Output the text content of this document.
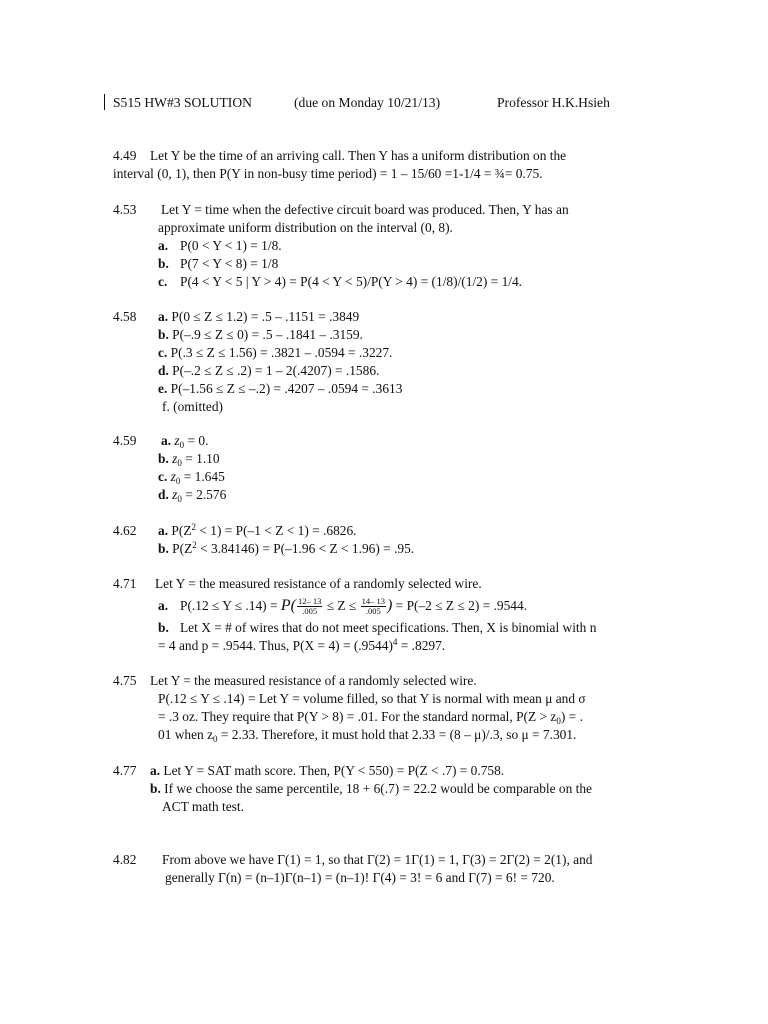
S515 HW#3 SOLUTION	(due on Monday 10/21/13)	Professor H.K.Hsieh
4.49 Let Y be the time of an arriving call. Then Y has a uniform distribution on the
interval (0, 1), then P(Y in non-busy time period) = 1 – 15/60 =1-1/4 = ¾= 0.75.
4.53 Let Y = time when the defective circuit board was produced. Then, Y has an
approximate uniform distribution on the interval (0, 8).
a. P(0 < Y < 1) = 1/8.
b. P(7 < Y < 8) = 1/8
c. P(4 < Y < 5 | Y > 4) = P(4 < Y < 5)/P(Y > 4) = (1/8)/(1/2) = 1/4.
4.58 a. P(0 ≤ Z ≤ 1.2) = .5 – .1151 = .3849
b. P(–.9 ≤ Z ≤ 0) = .5 – .1841 – .3159.
c. P(.3 ≤ Z ≤ 1.56) = .3821 – .0594 = .3227.
d. P(–.2 ≤ Z ≤ .2) = 1 – 2(.4207) = .1586.
e. P(–1.56 ≤ Z ≤ –.2) = .4207 – .0594 = .3613
f. (omitted)
4.59 a. $z_0 = 0$.
b. $z_0 = 1.10$
c. $z_0 = 1.645$
d. $z_0 = 2.576$
4.62 a. $P(Z^2 < 1) = P(-1 < Z < 1) = .6826$.
b. $P(Z^2 < 3.84146) = P(-1.96 < Z < 1.96) = .95$.
4.71 Let Y = the measured resistance of a randomly selected wire.
a. $P(.12 \le Y \le .14) = P( \frac{12- 13}{.005} \le Z \le \frac{14- 13}{.005}$ ) = P(–2 ≤ Z ≤ 2) = .9544.
b. Let X = # of wires that do not meet specifications. Then, X is binomial with n
= 4 and p = .9544. Thus, $P(X = 4) = (.9544)^4 = .8297$.
4.75 Let Y = the measured resistance of a randomly selected wire.
P(.12 ≤ Y ≤ .14) = Let Y = volume filled, so that Y is normal with mean μ and σ
= .3 oz. They require that P(Y > 8) = .01. For the standard normal, $P(Z > z_0)$ = .
01 when $z_0 = 2.33$. Therefore, it must hold that 2.33 = (8 – μ)/.3, so μ = 7.301.
4.77 a. Let Y = SAT math score. Then, P(Y < 550) = P(Z < .7) = 0.758.
b. If we choose the same percentile, 18 + 6(.7) = 22.2 would be comparable on the
ACT math test.
4.82 From above we have Γ(1) = 1, so that Γ(2) = 1Γ(1) = 1, Γ(3) = 2Γ(2) = 2(1), and
generally Γ(n) = (n–1)Γ(n–1) = (n–1)! Γ(4) = 3! = 6 and Γ(7) = 6! = 720.
